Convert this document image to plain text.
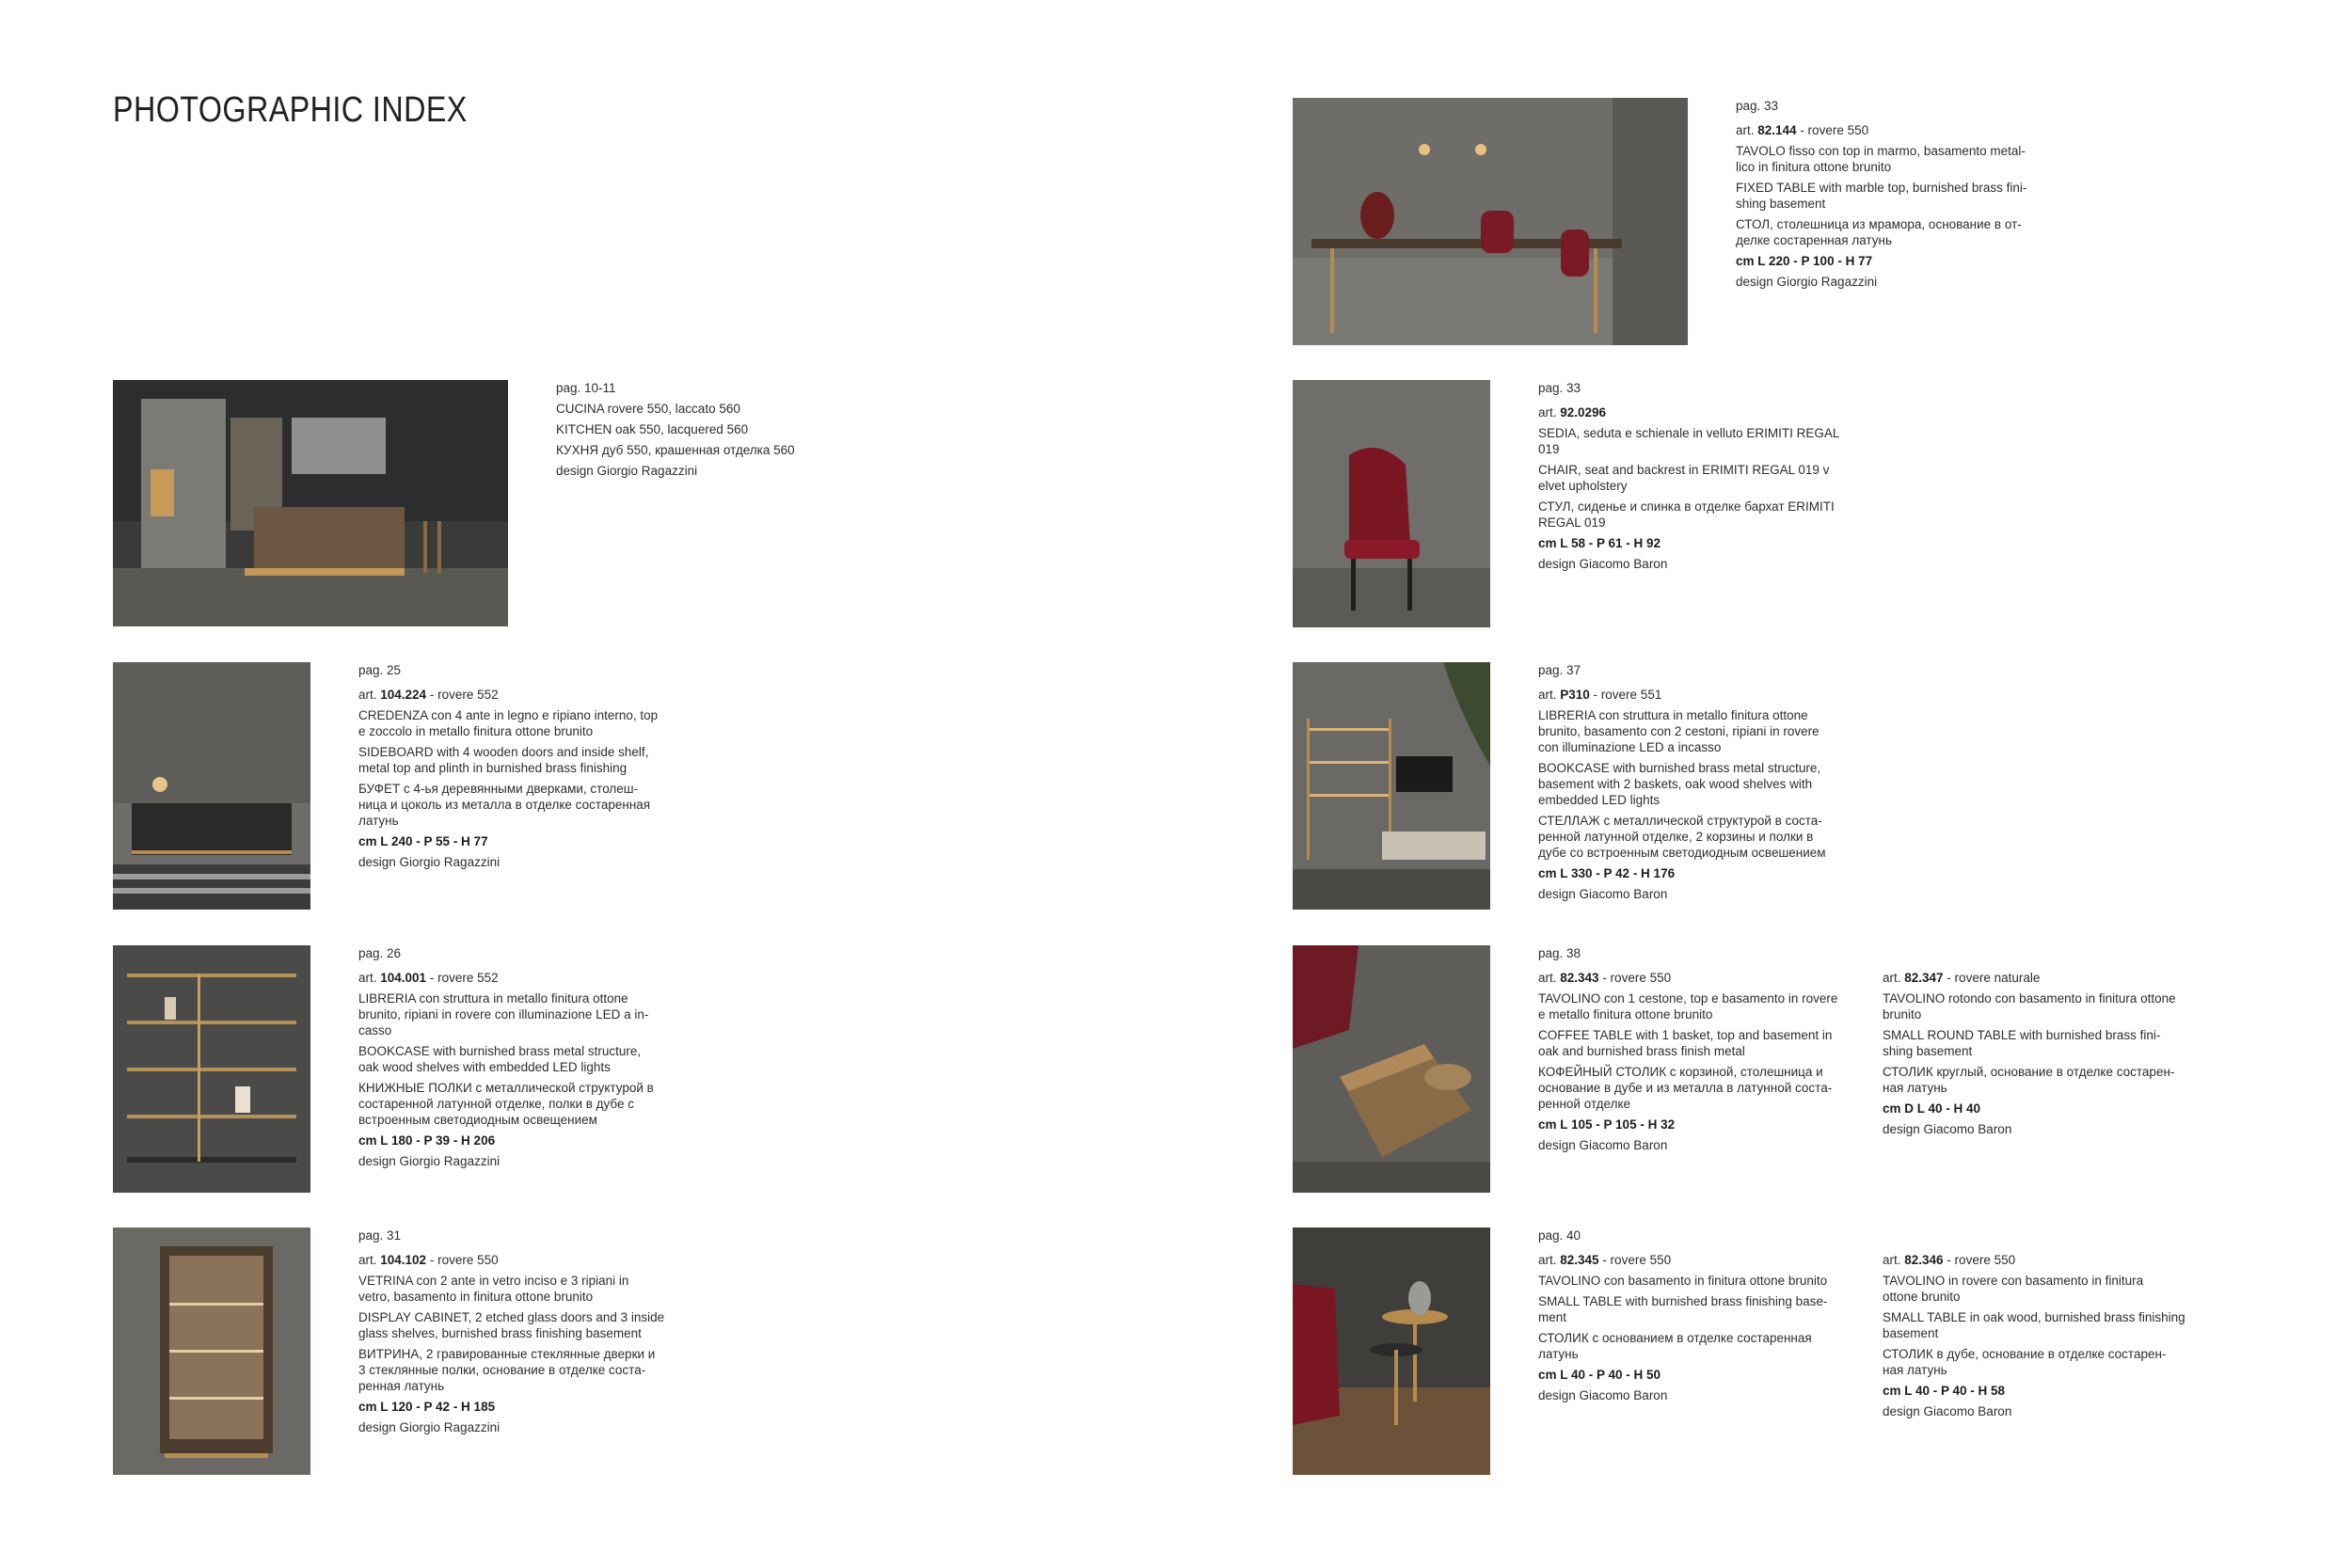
PHOTOGRAPHIC INDEX

pag. 10-11

CUCINA rovere 550, laccato 560

KITCHEN oak 550, lacquered 560

КУХНЯ дуб 550, крашенная отделка 560

design Giorgio Ragazzini

pag. 25

art. 104.224 - rovere 552

CREDENZA con 4 ante in legno e ripiano interno, top
e zoccolo in metallo finitura ottone brunito

SIDEBOARD with 4 wooden doors and inside shelf,
metal top and plinth in burnished brass finishing

БУФЕТ с 4-ья деревянными дверками, столеш-
ница и цоколь из металла в отделке состаренная
латунь

cm L 240 - P 55 - H 77

design Giorgio Ragazzini

pag. 26

art. 104.001 - rovere 552

LIBRERIA con struttura in metallo finitura ottone
brunito, ripiani in rovere con illuminazione LED a in-
casso

BOOKCASE with burnished brass metal structure,
oak wood shelves with embedded LED lights

КНИЖНЫЕ ПОЛКИ с металлической структурой в
состаренной латунной отделке, полки в дубе с
встроенным светодиодным освещением

cm L 180 - P 39 - H 206

design Giorgio Ragazzini

pag. 31

art. 104.102 - rovere 550

VETRINA con 2 ante in vetro inciso e 3 ripiani in
vetro, basamento in finitura ottone brunito

DISPLAY CABINET, 2 etched glass doors and 3 inside
glass shelves, burnished brass finishing basement

ВИТРИНА, 2 гравированные стеклянные дверки и
3 стеклянные полки, основание в отделке соста-
ренная латунь

cm L 120 - P 42 - H 185

design Giorgio Ragazzini

pag. 33

art. 82.144 - rovere 550

TAVOLO fisso con top in marmo, basamento metal-
lico in finitura ottone brunito

FIXED TABLE with marble top, burnished brass fini-
shing basement

СТОЛ, столешница из мрамора, основание в от-
делке состаренная латунь

cm L 220 - P 100 - H 77

design Giorgio Ragazzini

pag. 33

art. 92.0296

SEDIA, seduta e schienale in velluto ERIMITI REGAL
019

CHAIR, seat and backrest in ERIMITI REGAL 019 v
elvet upholstery

СТУЛ, сиденье и спинка в отделке бархат ERIMITI
REGAL 019

cm L 58 - P 61 - H 92

design Giacomo Baron

pag. 37

art. P310 - rovere 551

LIBRERIA con struttura in metallo finitura ottone
brunito, basamento con 2 cestoni, ripiani in rovere
con illuminazione LED a incasso

BOOKCASE with burnished brass metal structure,
basement with 2 baskets, oak wood shelves with
embedded LED lights

СТЕЛЛАЖ с металлической структурой в соста-
ренной латунной отделке, 2 корзины и полки в
дубе со встроенным светодиодным освешением

cm L 330 - P 42 - H 176

design Giacomo Baron

pag. 38

art. 82.343 - rovere 550

TAVOLINO con 1 cestone, top e basamento in rovere
e metallo finitura ottone brunito

COFFEE TABLE with 1 basket, top and basement in
oak and burnished brass finish metal

КОФЕЙНЫЙ СТОЛИК с корзиной, столешница и
основание в дубе и из металла в латунной соста-
ренной отделке

cm L 105 - P 105 - H 32

design Giacomo Baron

art. 82.347 - rovere naturale

TAVOLINO rotondo con basamento in finitura ottone
brunito

SMALL ROUND TABLE with burnished brass fini-
shing basement

СТОЛИК круглый, основание в отделке состарен-
ная латунь

cm D L 40 - H 40

design Giacomo Baron

pag. 40

art. 82.345 - rovere 550

TAVOLINO con basamento in finitura ottone brunito

SMALL TABLE with burnished brass finishing base-
ment

СТОЛИК с основанием в отделке состаренная
латунь

cm L 40 - P 40 - H 50

design Giacomo Baron

art. 82.346 - rovere 550

TAVOLINO in rovere con basamento in finitura
ottone brunito

SMALL TABLE in oak wood, burnished brass finishing
basement

СТОЛИК в дубе, основание в отделке состарен-
ная латунь

cm L 40 - P 40 - H 58

design Giacomo Baron
